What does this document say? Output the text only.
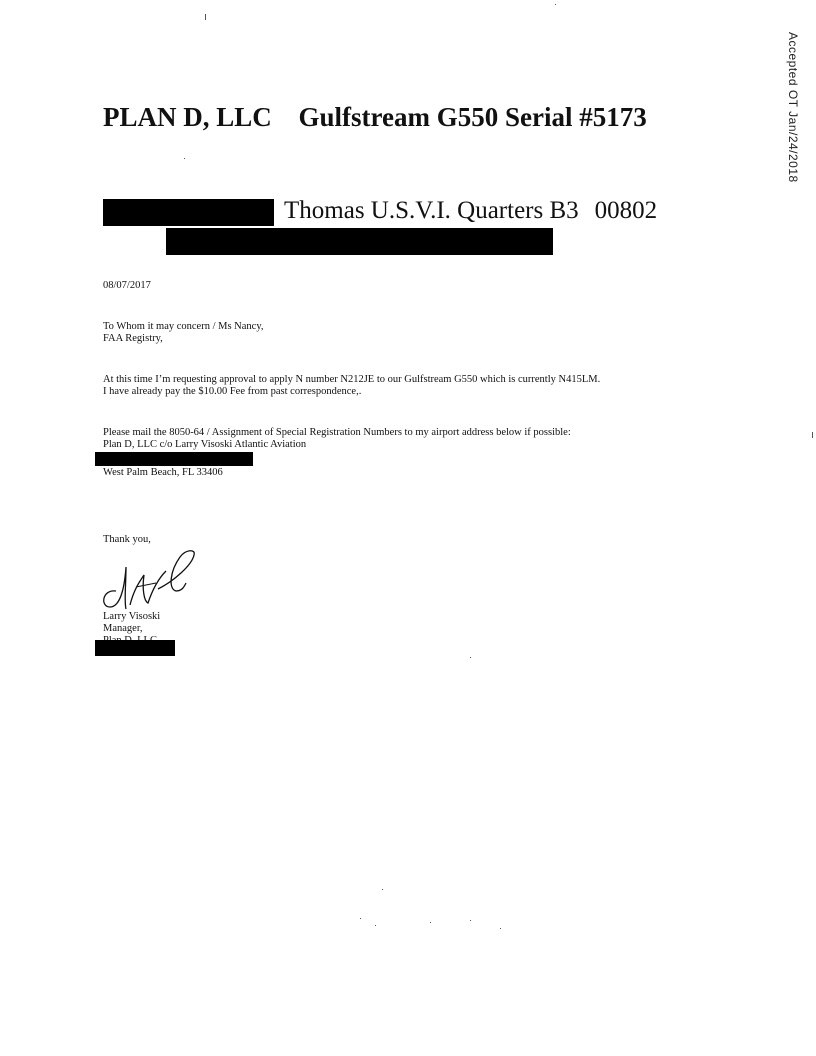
Accepted OT Jan/24/2018
PLAN D, LLC Gulfstream G550 Serial #5173
Thomas U.S.V.I. Quarters B3 00802
08/07/2017
To Whom it may concern / Ms Nancy,
FAA Registry,
At this time I’m requesting approval to apply N number N212JE to our Gulfstream G550 which is currently N415LM.
I have already pay the $10.00 Fee from past correspondence,.
Please mail the 8050-64 / Assignment of Special Registration Numbers to my airport address below if possible:
Plan D, LLC c/o Larry Visoski Atlantic Aviation
West Palm Beach, FL 33406
Thank you,
Larry Visoski
Manager,
